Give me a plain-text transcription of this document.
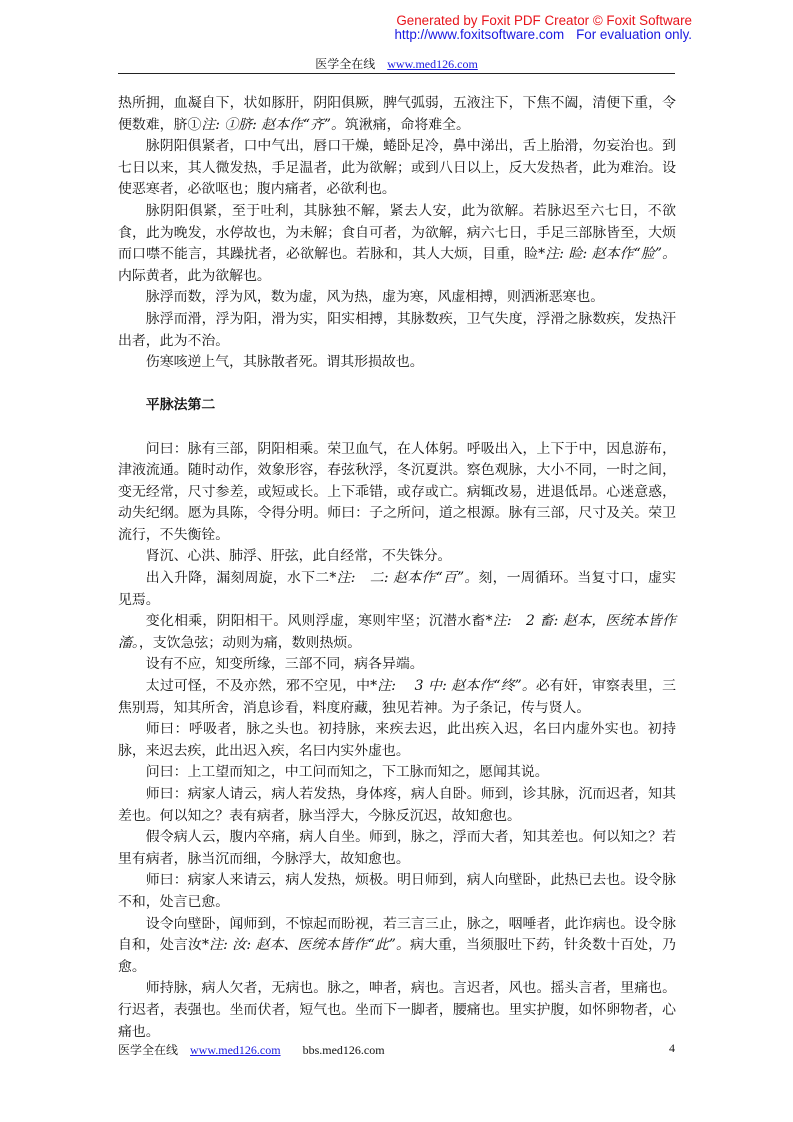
Generated by Foxit PDF Creator © Foxit Software
http://www.foxitsoftware.com For evaluation only.
医学全在线 www.med126.com

热所拥，血凝自下，状如豚肝，阴阳俱厥，脾气弧弱，五液注下，下焦不阖，清便下重，令便数难，脐①注: ①脐: 赵本作“齐”。筑湫痛，命将难全。

脉阴阳俱紧者，口中气出，唇口干燥，蜷卧足冷，鼻中涕出，舌上胎滑，勿妄治也。到七日以来，其人微发热，手足温者，此为欲解；或到八日以上，反大发热者，此为难治。设使恶寒者，必欲呕也；腹内痛者，必欲利也。

脉阴阳俱紧，至于吐利，其脉独不解，紧去人安，此为欲解。若脉迟至六七日，不欲食，此为晚发，水停故也，为未解；食自可者，为欲解，病六七日，手足三部脉皆至，大烦而口噤不能言，其躁扰者，必欲解也。若脉和，其人大烦，目重，睑*注: 睑: 赵本作“脸”。内际黄者，此为欲解也。

脉浮而数，浮为风，数为虚，风为热，虚为寒，风虚相搏，则洒淅恶寒也。

脉浮而滑，浮为阳，滑为实，阳实相搏，其脉数疾，卫气失度，浮滑之脉数疾，发热汗出者，此为不治。

伤寒咳逆上气，其脉散者死。谓其形损故也。

平脉法第二

问曰：脉有三部，阴阳相乘。荣卫血气，在人体躬。呼吸出入，上下于中，因息游布，津液流通。随时动作，效象形容，春弦秋浮，冬沉夏洪。察色观脉，大小不同，一时之间，变无经常，尺寸参差，或短或长。上下乖错，或存或亡。病辄改易，进退低昂。心迷意惑，动失纪纲。愿为具陈，令得分明。师曰：子之所问，道之根源。脉有三部，尺寸及关。荣卫流行，不失衡铨。

肾沉、心洪、肺浮、肝弦，此自经常，不失铢分。

出入升降，漏刻周旋，水下二*注:　二: 赵本作“百”。刻，一周循环。当复寸口，虚实见焉。

变化相乘，阴阳相干。风则浮虚，寒则牢坚；沉潜水畜*注:　2 畜: 赵本，医统本皆作滀。，支饮急弦；动则为痛，数则热烦。

设有不应，知变所缘，三部不同，病各异端。

太过可怪，不及亦然，邪不空见，中*注:　 3 中: 赵本作“终”。必有奸，审察表里，三焦别焉，知其所舍，消息诊看，料度府藏，独见若神。为子条记，传与贤人。

师曰：呼吸者，脉之头也。初持脉，来疾去迟，此出疾入迟，名曰内虚外实也。初持脉，来迟去疾，此出迟入疾，名曰内实外虚也。

问曰：上工望而知之，中工问而知之，下工脉而知之，愿闻其说。

师曰：病家人请云，病人若发热，身体疼，病人自卧。师到，诊其脉，沉而迟者，知其差也。何以知之？表有病者，脉当浮大，今脉反沉迟，故知愈也。

假令病人云，腹内卒痛，病人自坐。师到，脉之，浮而大者，知其差也。何以知之？若里有病者，脉当沉而细，今脉浮大，故知愈也。

师曰：病家人来请云，病人发热，烦极。明日师到，病人向壁卧，此热已去也。设令脉不和，处言已愈。

设令向壁卧，闻师到，不惊起而盼视，若三言三止，脉之，咽唾者，此诈病也。设令脉自和，处言汝*注: 汝: 赵本、医统本皆作“此”。病大重，当须服吐下药，针灸数十百处，乃愈。

师持脉，病人欠者，无病也。脉之，呻者，病也。言迟者，风也。摇头言者，里痛也。行迟者，表强也。坐而伏者，短气也。坐而下一脚者，腰痛也。里实护腹，如怀卵物者，心痛也。

医学全在线 www.med126.com bbs.med126.com	4
